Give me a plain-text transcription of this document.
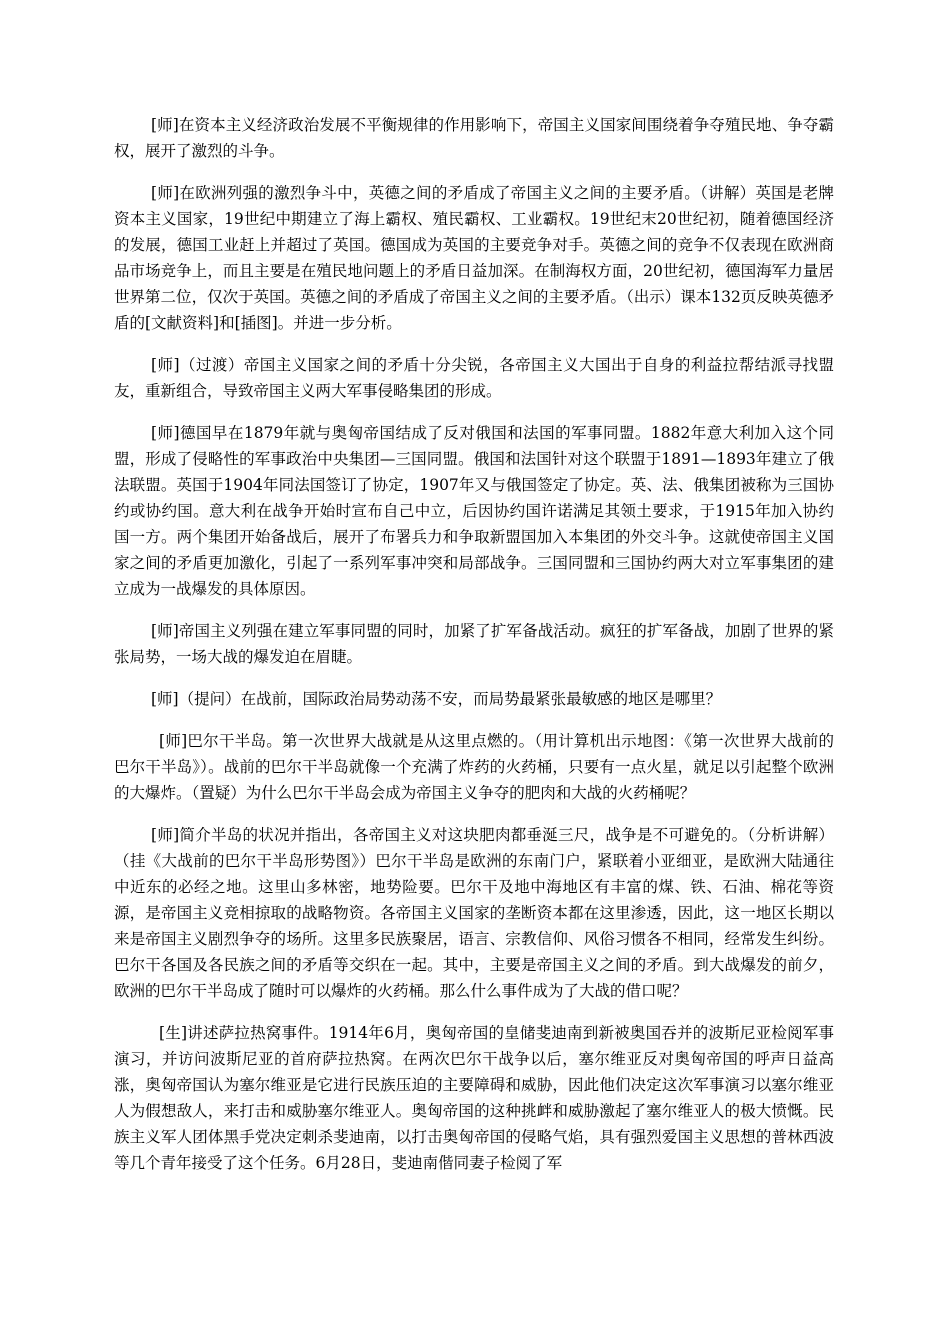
[师]在资本主义经济政治发展不平衡规律的作用影响下，帝国主义国家间围绕着争夺殖民地、争夺霸权，展开了激烈的斗争。

[师]在欧洲列强的激烈争斗中，英德之间的矛盾成了帝国主义之间的主要矛盾。（讲解）英国是老牌资本主义国家，19世纪中期建立了海上霸权、殖民霸权、工业霸权。19世纪末20世纪初，随着德国经济的发展，德国工业赶上并超过了英国。德国成为英国的主要竞争对手。英德之间的竞争不仅表现在欧洲商品市场竞争上，而且主要是在殖民地问题上的矛盾日益加深。在制海权方面，20世纪初，德国海军力量居世界第二位，仅次于英国。英德之间的矛盾成了帝国主义之间的主要矛盾。（出示）课本132页反映英德矛盾的[文献资料]和[插图]。并进一步分析。

[师]（过渡）帝国主义国家之间的矛盾十分尖锐，各帝国主义大国出于自身的利益拉帮结派寻找盟友，重新组合，导致帝国主义两大军事侵略集团的形成。

[师]德国早在1879年就与奥匈帝国结成了反对俄国和法国的军事同盟。1882年意大利加入这个同盟，形成了侵略性的军事政治中央集团—三国同盟。俄国和法国针对这个联盟于1891—1893年建立了俄法联盟。英国于1904年同法国签订了协定，1907年又与俄国签定了协定。英、法、俄集团被称为三国协约或协约国。意大利在战争开始时宣布自己中立，后因协约国许诺满足其领土要求，于1915年加入协约国一方。两个集团开始备战后，展开了布署兵力和争取新盟国加入本集团的外交斗争。这就使帝国主义国家之间的矛盾更加激化，引起了一系列军事冲突和局部战争。三国同盟和三国协约两大对立军事集团的建立成为一战爆发的具体原因。

[师]帝国主义列强在建立军事同盟的同时，加紧了扩军备战活动。疯狂的扩军备战，加剧了世界的紧张局势，一场大战的爆发迫在眉睫。

[师]（提问）在战前，国际政治局势动荡不安，而局势最紧张最敏感的地区是哪里？

[师]巴尔干半岛。第一次世界大战就是从这里点燃的。（用计算机出示地图：《第一次世界大战前的巴尔干半岛》）。战前的巴尔干半岛就像一个充满了炸药的火药桶，只要有一点火星，就足以引起整个欧洲的大爆炸。（置疑）为什么巴尔干半岛会成为帝国主义争夺的肥肉和大战的火药桶呢？

[师]简介半岛的状况并指出，各帝国主义对这块肥肉都垂涎三尺，战争是不可避免的。（分析讲解）（挂《大战前的巴尔干半岛形势图》）巴尔干半岛是欧洲的东南门户，紧联着小亚细亚，是欧洲大陆通往中近东的必经之地。这里山多林密，地势险要。巴尔干及地中海地区有丰富的煤、铁、石油、棉花等资源，是帝国主义竞相掠取的战略物资。各帝国主义国家的垄断资本都在这里渗透，因此，这一地区长期以来是帝国主义剧烈争夺的场所。这里多民族聚居，语言、宗教信仰、风俗习惯各不相同，经常发生纠纷。巴尔干各国及各民族之间的矛盾等交织在一起。其中，主要是帝国主义之间的矛盾。到大战爆发的前夕，欧洲的巴尔干半岛成了随时可以爆炸的火药桶。那么什么事件成为了大战的借口呢？

[生]讲述萨拉热窝事件。1914年6月，奥匈帝国的皇储斐迪南到新被奥国吞并的波斯尼亚检阅军事演习，并访问波斯尼亚的首府萨拉热窝。在两次巴尔干战争以后，塞尔维亚反对奥匈帝国的呼声日益高涨，奥匈帝国认为塞尔维亚是它进行民族压迫的主要障碍和威胁，因此他们决定这次军事演习以塞尔维亚人为假想敌人，来打击和威胁塞尔维亚人。奥匈帝国的这种挑衅和威胁激起了塞尔维亚人的极大愤慨。民族主义军人团体黑手党决定刺杀斐迪南，以打击奥匈帝国的侵略气焰，具有强烈爱国主义思想的普林西波等几个青年接受了这个任务。6月28日，斐迪南偕同妻子检阅了军
